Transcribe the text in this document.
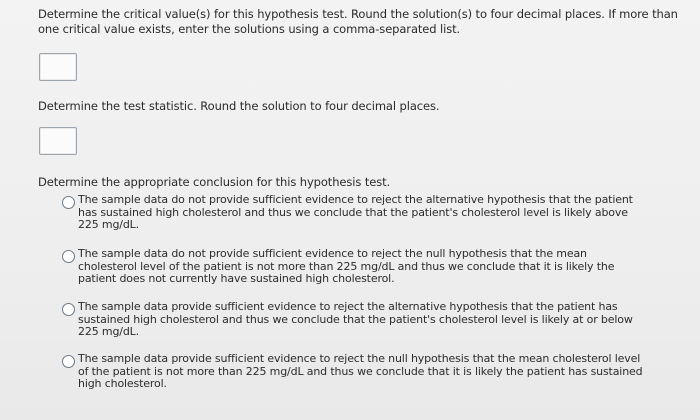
Determine the critical value(s) for this hypothesis test. Round the solution(s) to four decimal places. If more than one critical value exists, enter the solutions using a comma-separated list.
Determine the test statistic. Round the solution to four decimal places.
Determine the appropriate conclusion for this hypothesis test.
The sample data do not provide sufficient evidence to reject the alternative hypothesis that the patient has sustained high cholesterol and thus we conclude that the patient's cholesterol level is likely above 225 mg/dL.
The sample data do not provide sufficient evidence to reject the null hypothesis that the mean cholesterol level of the patient is not more than 225 mg/dL and thus we conclude that it is likely the patient does not currently have sustained high cholesterol.
The sample data provide sufficient evidence to reject the alternative hypothesis that the patient has sustained high cholesterol and thus we conclude that the patient's cholesterol level is likely at or below 225 mg/dL.
The sample data provide sufficient evidence to reject the null hypothesis that the mean cholesterol level of the patient is not more than 225 mg/dL and thus we conclude that it is likely the patient has sustained high cholesterol.
